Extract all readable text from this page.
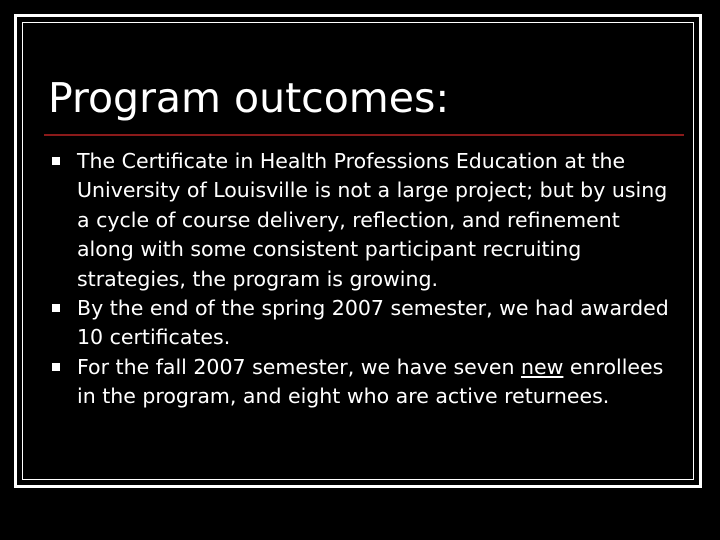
Program outcomes:
The Certificate in Health Professions Education at the University of Louisville is not a large project; but by using a cycle of course delivery, reflection, and refinement along with some consistent participant recruiting strategies, the program is growing.
By the end of the spring 2007 semester, we had awarded 10 certificates.
For the fall 2007 semester, we have seven new enrollees in the program, and eight who are active returnees.
